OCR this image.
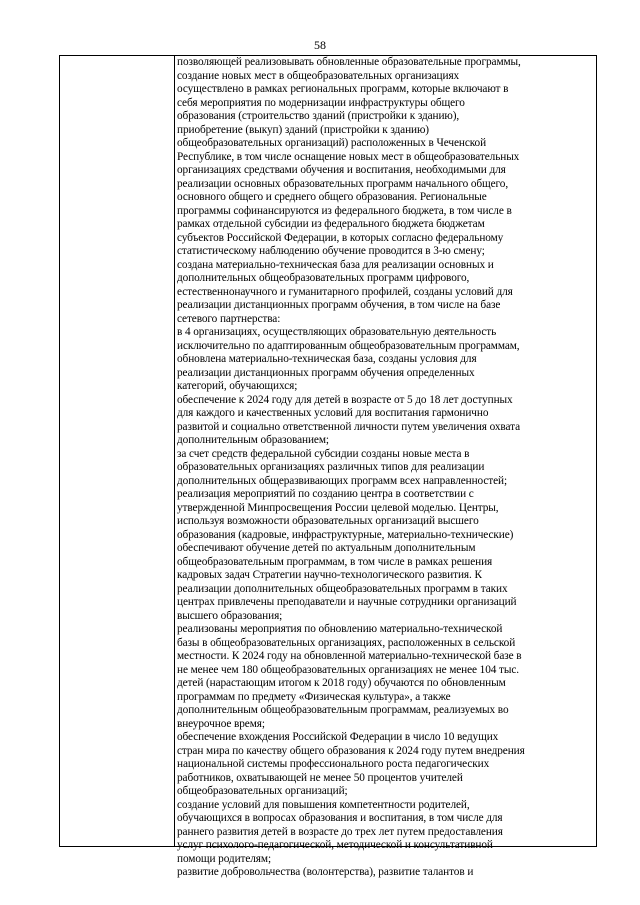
58
позволяющей реализовывать обновленные образовательные программы,
создание новых мест в общеобразовательных организациях
осуществлено в рамках региональных программ, которые включают в
себя мероприятия по модернизации инфраструктуры общего
образования (строительство зданий (пристройки к зданию),
приобретение (выкуп) зданий (пристройки к зданию)
общеобразовательных организаций) расположенных в Чеченской
Республике, в том числе оснащение новых мест в общеобразовательных
организациях средствами обучения и воспитания, необходимыми для
реализации основных образовательных программ начального общего,
основного общего и среднего общего образования. Региональные
программы софинансируются из федерального бюджета, в том числе в
рамках отдельной субсидии из федерального бюджета бюджетам
субъектов Российской Федерации, в которых согласно федеральному
статистическому наблюдению обучение проводится в 3-ю смену;
создана материально-техническая база для реализации основных и
дополнительных общеобразовательных программ цифрового,
естественнонаучного и гуманитарного профилей, созданы условий для
реализации дистанционных программ обучения, в том числе на базе
сетевого партнерства:
в 4 организациях, осуществляющих образовательную деятельность
исключительно по адаптированным общеобразовательным программам,
обновлена материально-техническая база, созданы условия для
реализации дистанционных программ обучения определенных
категорий, обучающихся;
обеспечение к 2024 году для детей в возрасте от 5 до 18 лет доступных
для каждого и качественных условий для воспитания гармонично
развитой и социально ответственной личности путем увеличения охвата
дополнительным образованием;
за счет средств федеральной субсидии созданы новые места в
образовательных организациях различных типов для реализации
дополнительных общеразвивающих программ всех направленностей;
реализация мероприятий по созданию центра в соответствии с
утвержденной Минпросвещения России целевой моделью. Центры,
используя возможности образовательных организаций высшего
образования (кадровые, инфраструктурные, материально-технические)
обеспечивают обучение детей по актуальным дополнительным
общеобразовательным программам, в том числе в рамках решения
кадровых задач Стратегии научно-технологического развития. К
реализации дополнительных общеобразовательных программ в таких
центрах привлечены преподаватели и научные сотрудники организаций
высшего образования;
реализованы мероприятия по обновлению материально-технической
базы в общеобразовательных организациях, расположенных в сельской
местности. К 2024 году на обновленной материально-технической базе в
не менее чем 180 общеобразовательных организациях не менее 104 тыс.
детей (нарастающим итогом к 2018 году) обучаются по обновленным
программам по предмету «Физическая культура», а также
дополнительным общеобразовательным программам, реализуемых во
внеурочное время;
обеспечение вхождения Российской Федерации в число 10 ведущих
стран мира по качеству общего образования к 2024 году путем внедрения
национальной системы профессионального роста педагогических
работников, охватывающей не менее 50 процентов учителей
общеобразовательных организаций;
создание условий для повышения компетентности родителей,
обучающихся в вопросах образования и воспитания, в том числе для
раннего развития детей в возрасте до трех лет путем предоставления
услуг психолого-педагогической, методической и консультативной
помощи родителям;
развитие добровольчества (волонтерства), развитие талантов и
